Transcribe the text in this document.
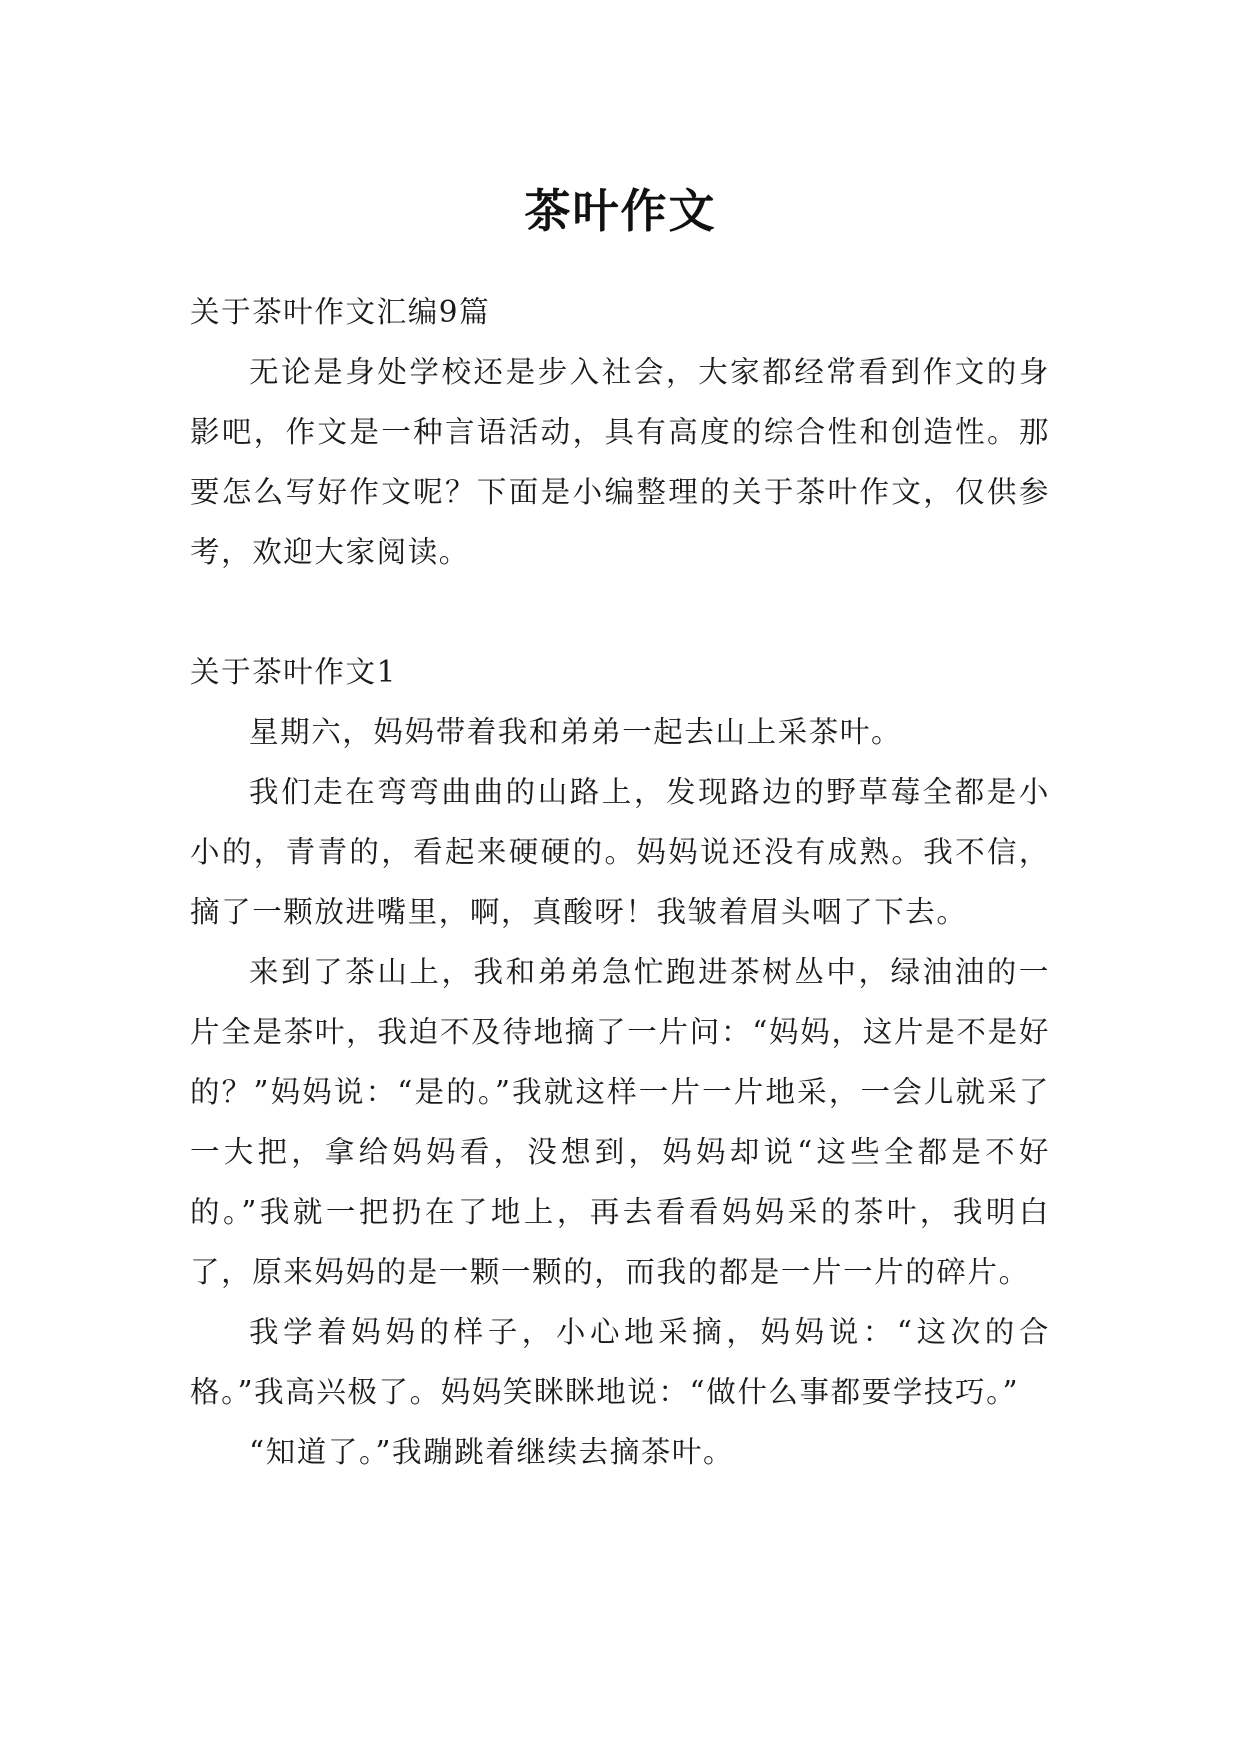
茶叶作文

关于茶叶作文汇编9篇

无论是身处学校还是步入社会，大家都经常看到作文的身影吧，作文是一种言语活动，具有高度的综合性和创造性。那要怎么写好作文呢？下面是小编整理的关于茶叶作文，仅供参考，欢迎大家阅读。

关于茶叶作文1

星期六，妈妈带着我和弟弟一起去山上采茶叶。

我们走在弯弯曲曲的山路上，发现路边的野草莓全都是小小的，青青的，看起来硬硬的。妈妈说还没有成熟。我不信，摘了一颗放进嘴里，啊，真酸呀！我皱着眉头咽了下去。

来到了茶山上，我和弟弟急忙跑进茶树丛中，绿油油的一片全是茶叶，我迫不及待地摘了一片问：“妈妈，这片是不是好的？”妈妈说：“是的。”我就这样一片一片地采，一会儿就采了一大把，拿给妈妈看，没想到，妈妈却说“这些全都是不好的。”我就一把扔在了地上，再去看看妈妈采的茶叶，我明白了，原来妈妈的是一颗一颗的，而我的都是一片一片的碎片。

我学着妈妈的样子，小心地采摘，妈妈说：“这次的合格。”我高兴极了。妈妈笑眯眯地说：“做什么事都要学技巧。”

“知道了。”我蹦跳着继续去摘茶叶。
